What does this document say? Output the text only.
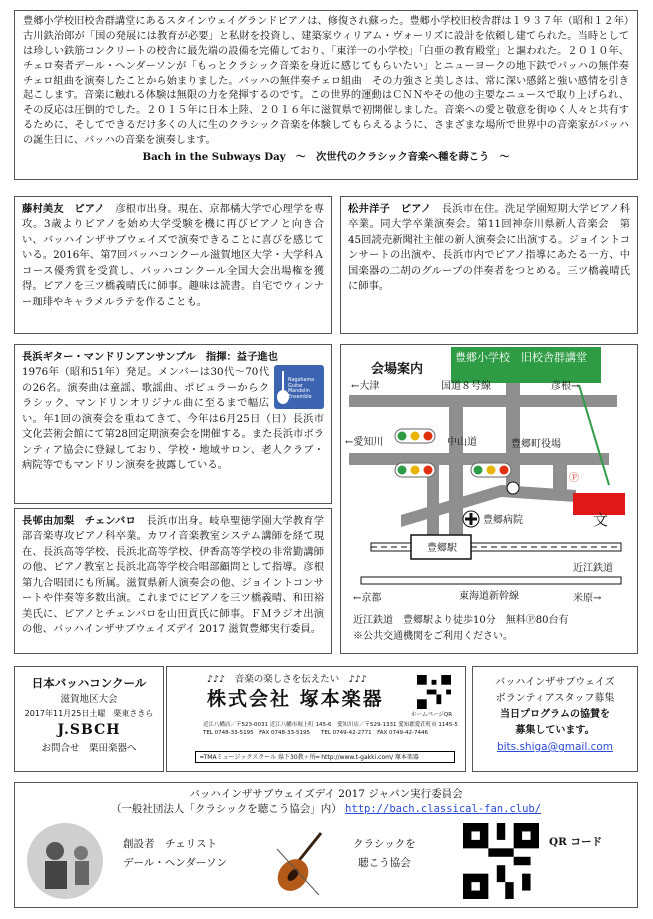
豊郷小学校旧校舎群講堂にあるスタインウェイグランドピアノは、修復され蘇った。豊郷小学校旧校舎群は１９３７年（昭和１２年）古川鉄治郎が「国の発展には教育が必要」と私財を投資し、建築家ウィリアム・ヴォーリズに設計を依頼し建てられた。当時としては珍しい鉄筋コンクリートの校舎に最先端の設備を完備しており、「東洋一の小学校」「白亜の教育殿堂」と謳われた。２０１０年、チェロ奏者デール・ヘンダーソンが「もっとクラシック音楽を身近に感じてもらいたい」とニューヨークの地下鉄でバッハの無伴奏チェロ組曲を演奏したことから始まりました。バッハの無伴奏チェロ組曲　その力強さと美しさは、常に深い感銘と強い感情を引き起こします。音楽に触れる体験は無限の力を発揮するのです。この世界的運動はＣＮＮやその他の主要なニュースで取り上げられ、その反応は圧倒的でした。２０１５年に日本上陸、２０１６年に滋賀県で初開催しました。音楽への愛と敬意を街ゆく人々と共有するために、そしてできるだけ多くの人に生のクラシック音楽を体験してもらえるように、さまざまな場所で世界中の音楽家がバッハの誕生日に、バッハの音楽を演奏します。

Bach in the Subways Day　～　次世代のクラシック音楽へ種を蒔こう　～

藤村美友　ピアノ　 彦根市出身。現在、京都橘大学で心理学を専攻。3歳よりピアノを始め大学受験を機に再びピアノと向き合い、バッハインザサブウェイズで演奏できることに喜びを感じている。2016年、第7回バッハコンクール滋賀地区大学・大学科Ａコース優秀賞を受賞し、バッハコンクール全国大会出場権を獲得。ピアノを三ツ橋義晴氏に師事。趣味は読書。自宅でウィンナー珈琲やキャラメルラテを作ることも。

松井洋子　ピアノ　 長浜市在住。洗足学園短期大学ピアノ科卒業。同大学卒業演奏会。第11回神奈川県新人音楽会　第45回読売新聞社主催の新人演奏会に出演する。ジョイントコンサートの出演や、長浜市内でピアノ指導にあたる一方、中国楽器の二胡のグループの伴奏者をつとめる。三ツ橋義晴氏に師事。

長浜ギター・マンドリンアンサンブル　指揮：益子進也

Nagahama Guitar Mandolin Ensemble

1976年（昭和51年）発足。メンバーは30代～70代の26名。演奏曲は童謡、歌謡曲、ポピュラーからクラシック、マンドリンオリジナル曲に至るまで幅広い。年1回の演奏会を重ねてきて、今年は6月25日（日）長浜市文化芸術会館にて第28回定期演奏会を開催する。また長浜市ボランティア協会に登録しており、学校・地域サロン、老人クラブ・病院等でもマンドリン演奏を披露している。

長邨由加梨　チェンバロ　 長浜市出身。岐阜聖徳学園大学教育学部音楽専攻ピアノ科卒業。カワイ音楽教室システム講師を経て現在、長浜高等学校、長浜北高等学校、伊香高等学校の非常勤講師の他、ピアノ教室と長浜北高等学校合唱部顧問として指導。彦根第九合唱団にも所属。滋賀県新人演奏会の他、ジョイントコンサートや伴奏等多数出演。これまでにピアノを三ツ橋義晴、和田裕美氏に、ピアノとチェンバロを山田貢氏に師事。ＦＭラジオ出演の他、バッハインザサブウェイズデイ 2017 滋賀豊郷実行委員。

会場案内
豊郷小学校　旧校舎群講堂
←大津	国道８号線	彦根→
←愛知川	中山道	豊郷町役場
Ⓟ
豊郷病院
豊郷駅
文
近江鉄道
←京都	東海道新幹線	米原→
近江鉄道　豊郷駅より徒歩10分　無料Ⓟ80台有
※公共交通機関をご利用ください。
日本バッハコンクール
滋賀地区大会
2017年11月25日土曜　栗東さきら
J.SBCH
お問合せ　栗田楽器へ
♪♪♪　音楽の楽しさを伝えたい　♪♪♪
株式会社 塚本楽器
ホームページQR
近江八幡店／〒523-0031 近江八幡市堀上町 145-6　愛知川店／〒529-1331 愛知郡愛荘町市 1145-5
TEL 0748-33-5195　FAX 0748-33-5195　　TEL 0749-42-2771　FAX 0749-42-7446
━TMAミュージックスクール 県下30教ヶ所━ http://www.t-gakki.com/ 塚本楽器
バッハインザサブウェイズ
ボランティアスタッフ募集
当日プログラムの協賛を
募集しています。
bits.shiga@gmail.com
バッハインザサブウェイズデイ 2017 ジャパン実行委員会
（一般社団法人「クラシックを聴こう協会」内） http://bach.classical-fan.club/
創設者　チェリスト
デール・ヘンダーソン
クラシックを
聴こう協会
QR コード
